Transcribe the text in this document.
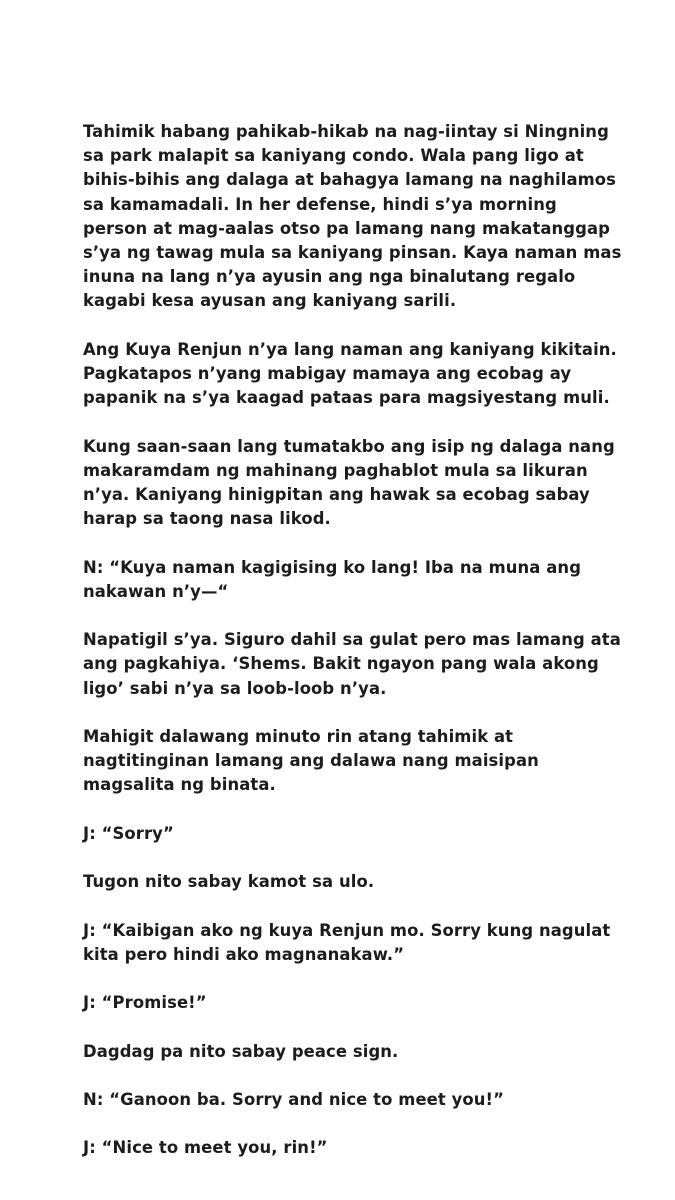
Tahimik habang pahikab-hikab na nag-iintay si Ningning
sa park malapit sa kaniyang condo. Wala pang ligo at
bihis-bihis ang dalaga at bahagya lamang na naghilamos
sa kamamadali. In her defense, hindi s’ya morning
person at mag-aalas otso pa lamang nang makatanggap
s’ya ng tawag mula sa kaniyang pinsan. Kaya naman mas
inuna na lang n’ya ayusin ang nga binalutang regalo
kagabi kesa ayusan ang kaniyang sarili.

Ang Kuya Renjun n’ya lang naman ang kaniyang kikitain.
Pagkatapos n’yang mabigay mamaya ang ecobag ay
papanik na s’ya kaagad pataas para magsiyestang muli.

Kung saan-saan lang tumatakbo ang isip ng dalaga nang
makaramdam ng mahinang paghablot mula sa likuran
n’ya. Kaniyang hinigpitan ang hawak sa ecobag sabay
harap sa taong nasa likod.

N: “Kuya naman kagigising ko lang! Iba na muna ang
nakawan n’y—“

Napatigil s’ya. Siguro dahil sa gulat pero mas lamang ata
ang pagkahiya. ‘Shems. Bakit ngayon pang wala akong
ligo’ sabi n’ya sa loob-loob n’ya.

Mahigit dalawang minuto rin atang tahimik at
nagtitinginan lamang ang dalawa nang maisipan
magsalita ng binata.

J: “Sorry”

Tugon nito sabay kamot sa ulo.

J: “Kaibigan ako ng kuya Renjun mo. Sorry kung nagulat
kita pero hindi ako magnanakaw.”

J: “Promise!”

Dagdag pa nito sabay peace sign.

N: “Ganoon ba. Sorry and nice to meet you!”

J: “Nice to meet you, rin!”
